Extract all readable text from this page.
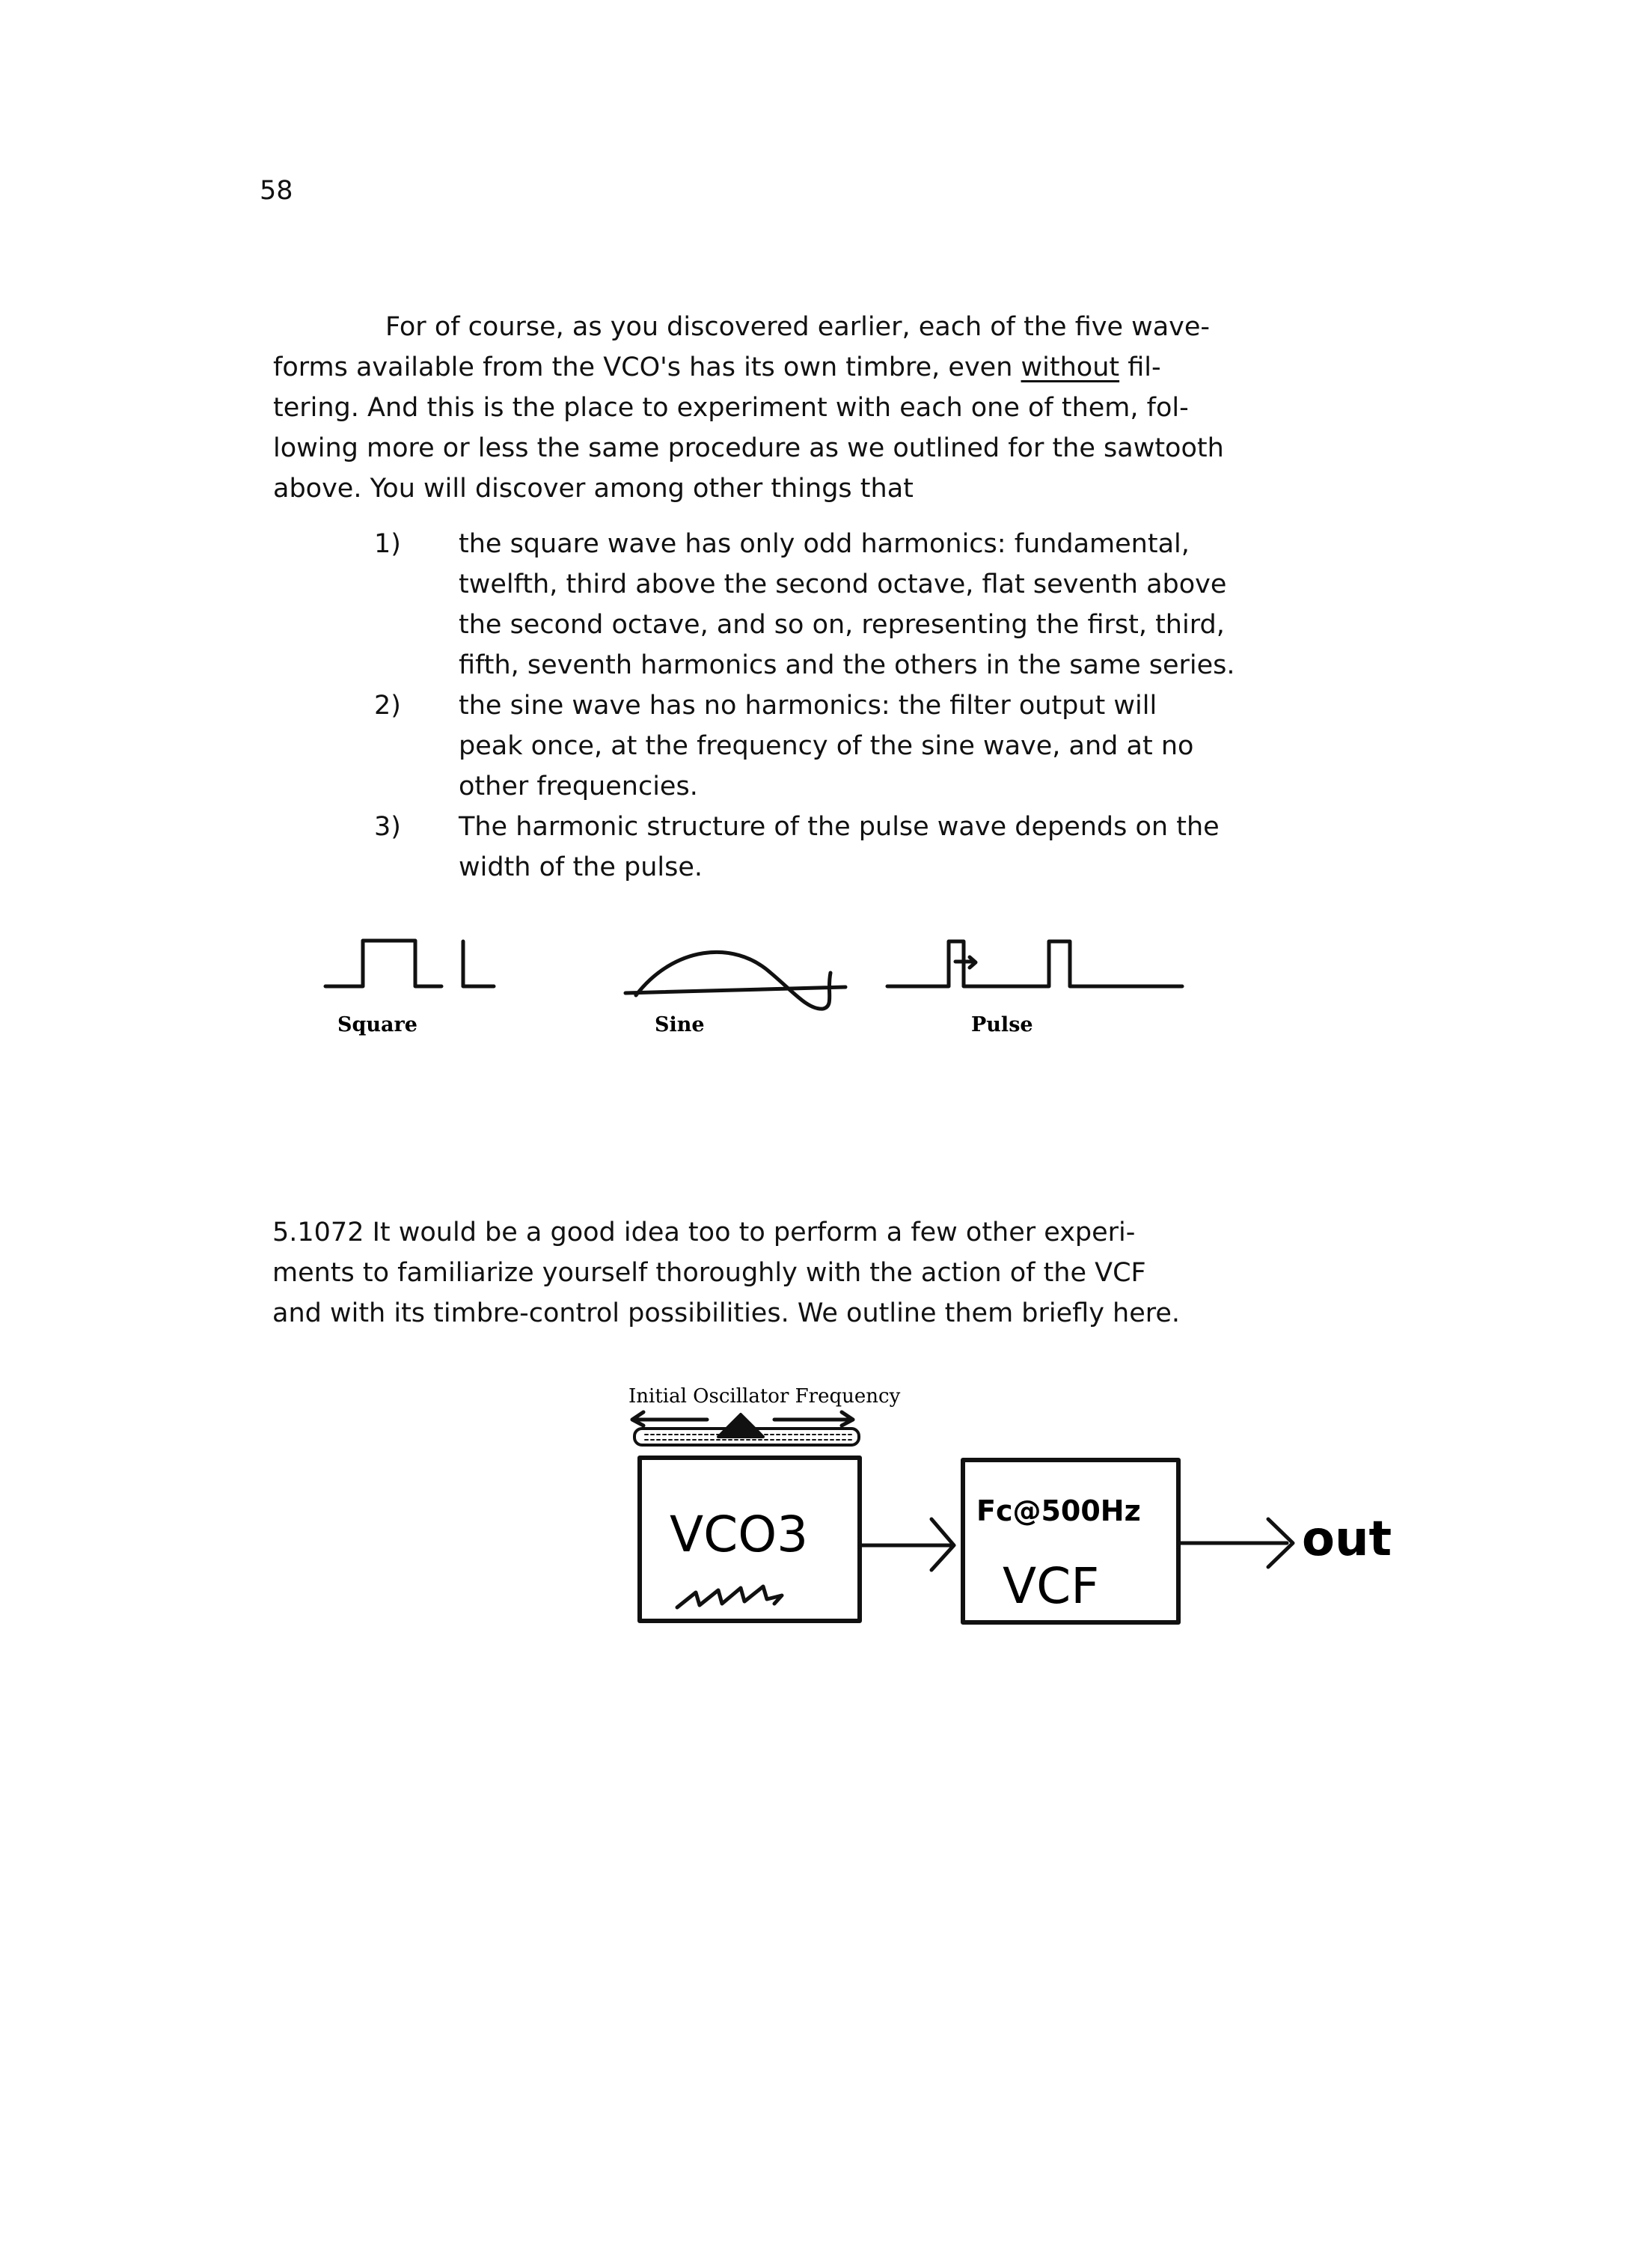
58

For of course, as you discovered earlier, each of the five wave-
forms available from the VCO's has its own timbre, even without fil-
tering. And this is the place to experiment with each one of them, fol-
lowing more or less the same procedure as we outlined for the sawtooth
above. You will discover among other things that

1)	the square wave has only odd harmonics: fundamental,
twelfth, third above the second octave, flat seventh above
the second octave, and so on, representing the first, third,
fifth, seventh harmonics and the others in the same series.
2)	the sine wave has no harmonics: the filter output will
peak once, at the frequency of the sine wave, and at no
other frequencies.
3)	The harmonic structure of the pulse wave depends on the
width of the pulse.
Square	Sine	Pulse
Initial Oscillator Frequency
VCO3	Fc@500Hz
VCF
out

5.1072 It would be a good idea too to perform a few other experi-
ments to familiarize yourself thoroughly with the action of the VCF
and with its timbre-control possibilities. We outline them briefly here.
